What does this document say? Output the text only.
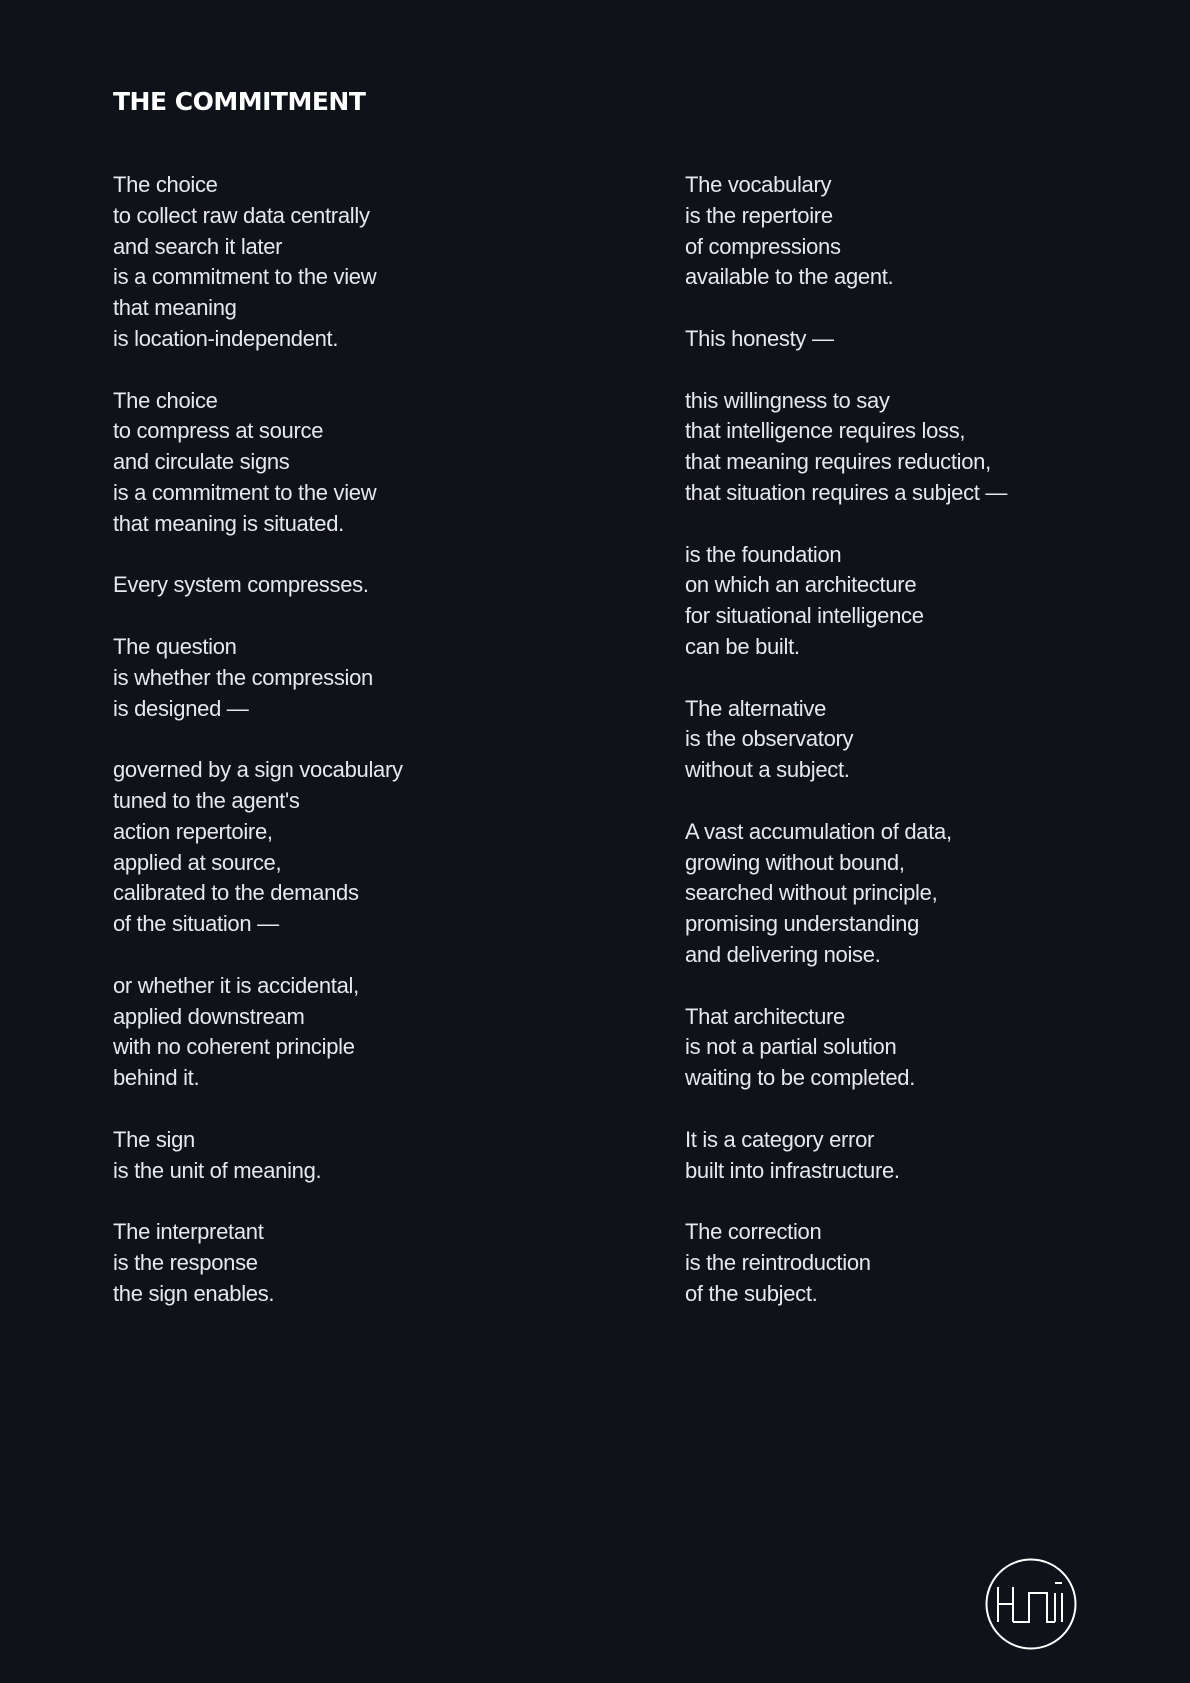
THE COMMITMENT

The choice
to collect raw data centrally
and search it later
is a commitment to the view
that meaning
is location-independent.

The choice
to compress at source
and circulate signs
is a commitment to the view
that meaning is situated.

Every system compresses.

The question
is whether the compression
is designed —

governed by a sign vocabulary
tuned to the agent's
action repertoire,
applied at source,
calibrated to the demands
of the situation —

or whether it is accidental,
applied downstream
with no coherent principle
behind it.

The sign
is the unit of meaning.

The interpretant
is the response
the sign enables.

The vocabulary
is the repertoire
of compressions
available to the agent.

This honesty —

this willingness to say
that intelligence requires loss,
that meaning requires reduction,
that situation requires a subject —

is the foundation
on which an architecture
for situational intelligence
can be built.

The alternative
is the observatory
without a subject.

A vast accumulation of data,
growing without bound,
searched without principle,
promising understanding
and delivering noise.

That architecture
is not a partial solution
waiting to be completed.

It is a category error
built into infrastructure.

The correction
is the reintroduction
of the subject.
